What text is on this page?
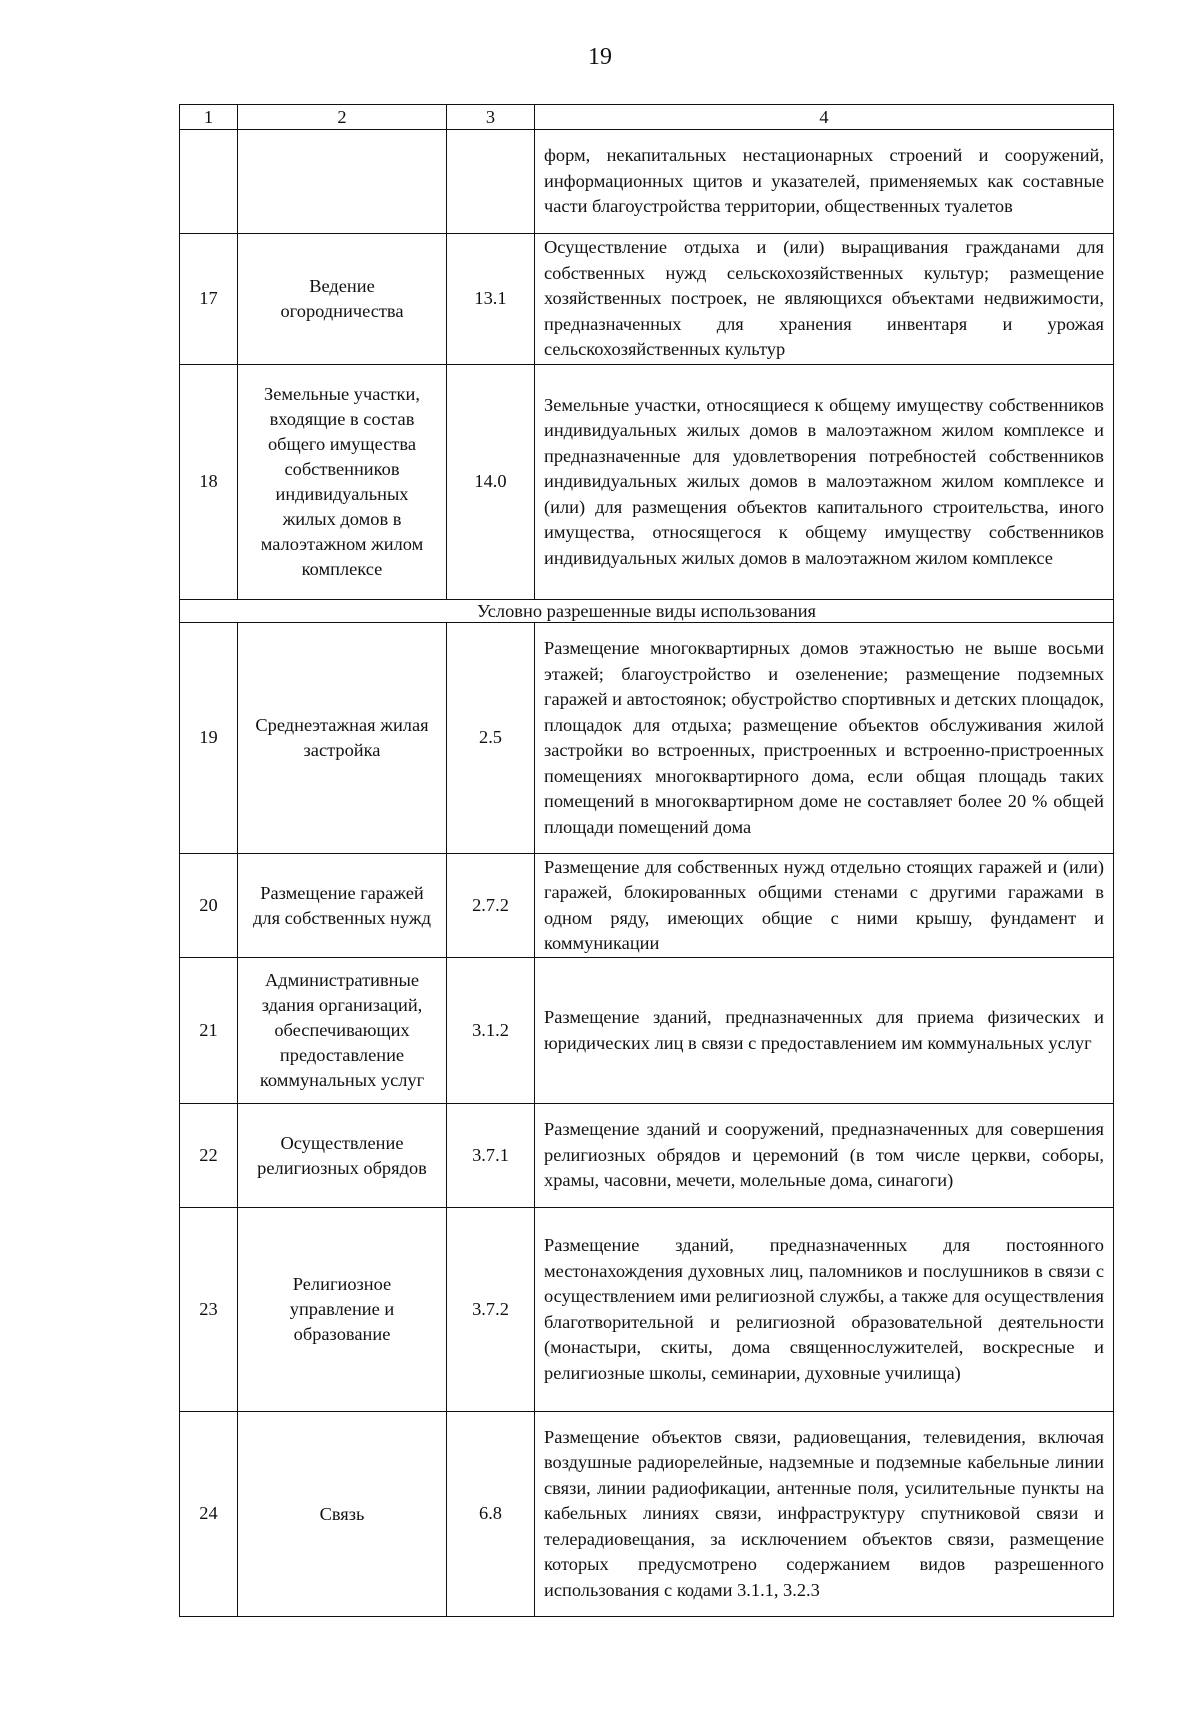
19
1	2	3	4
			форм, некапитальных нестационарных строений и сооружений, информационных щитов и указателей, применяемых как составные части благоустройства территории, общественных туалетов
17	Ведение огородничества	13.1	Осуществление отдыха и (или) выращивания гражданами для собственных нужд сельскохозяйственных культур; размещение хозяйственных построек, не являющихся объектами недвижимости, предназначенных для хранения инвентаря и урожая сельскохозяйственных культур
18	Земельные участки, входящие в состав общего имущества собственников индивидуальных жилых домов в малоэтажном жилом комплексе	14.0	Земельные участки, относящиеся к общему имуществу собственников индивидуальных жилых домов в малоэтажном жилом комплексе и предназначенные для удовлетворения потребностей собственников индивидуальных жилых домов в малоэтажном жилом комплексе и (или) для размещения объектов капитального строительства, иного имущества, относящегося к общему имуществу собственников индивидуальных жилых домов в малоэтажном жилом комплексе
Условно разрешенные виды использования			
19	Среднеэтажная жилая застройка	2.5	Размещение многоквартирных домов этажностью не выше восьми этажей; благоустройство и озеленение; размещение подземных гаражей и автостоянок; обустройство спортивных и детских площадок, площадок для отдыха; размещение объектов обслуживания жилой застройки во встроенных, пристроенных и встроенно-пристроенных помещениях многоквартирного дома, если общая площадь таких помещений в многоквартирном доме не составляет более 20 % общей площади помещений дома
20	Размещение гаражей для собственных нужд	2.7.2	Размещение для собственных нужд отдельно стоящих гаражей и (или) гаражей, блокированных общими стенами с другими гаражами в одном ряду, имеющих общие с ними крышу, фундамент и коммуникации
21	Административные здания организаций, обеспечивающих предоставление коммунальных услуг	3.1.2	Размещение зданий, предназначенных для приема физических и юридических лиц в связи с предоставлением им коммунальных услуг
22	Осуществление религиозных обрядов	3.7.1	Размещение зданий и сооружений, предназначенных для совершения религиозных обрядов и церемоний (в том числе церкви, соборы, храмы, часовни, мечети, молельные дома, синагоги)
23	Религиозное управление и образование	3.7.2	Размещение зданий, предназначенных для постоянного местонахождения духовных лиц, паломников и послушников в связи с осуществлением ими религиозной службы, а также для осуществления благотворительной и религиозной образовательной деятельности (монастыри, скиты, дома священнослужителей, воскресные и религиозные школы, семинарии, духовные училища)
24	Связь	6.8	Размещение объектов связи, радиовещания, телевидения, включая воздушные радиорелейные, надземные и подземные кабельные линии связи, линии радиофикации, антенные поля, усилительные пункты на кабельных линиях связи, инфраструктуру спутниковой связи и телерадиовещания, за исключением объектов связи, размещение которых предусмотрено содержанием видов разрешенного использования с кодами 3.1.1, 3.2.3
